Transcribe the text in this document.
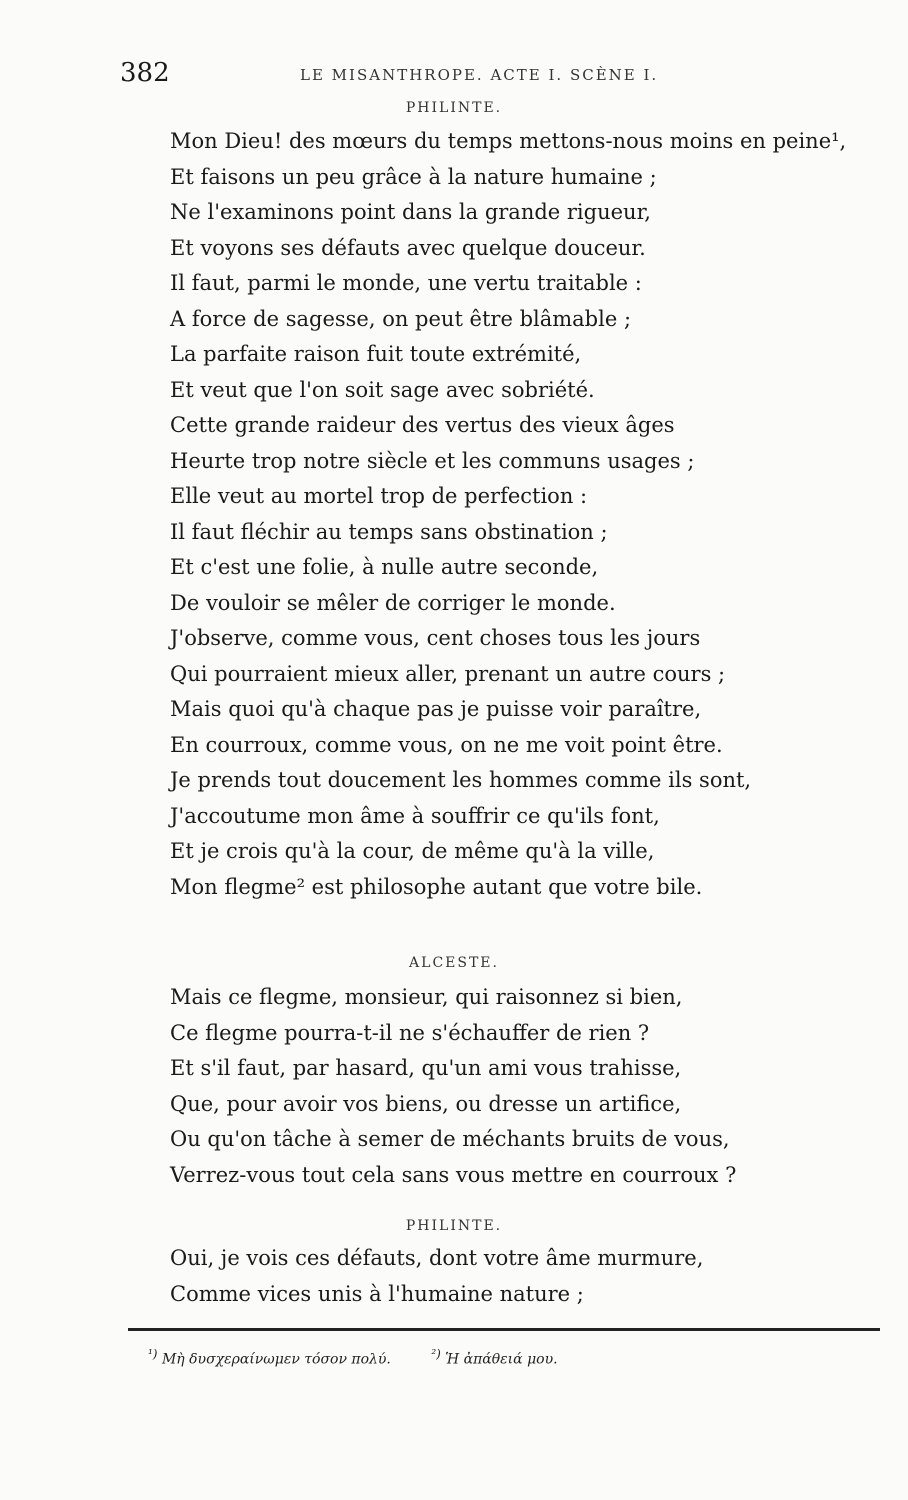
382	LE MISANTHROPE. ACTE I. SCÈNE I.
PHILINTE.
Mon Dieu! des mœurs du temps mettons-nous moins en peine¹,
Et faisons un peu grâce à la nature humaine ;
Ne l'examinons point dans la grande rigueur,
Et voyons ses défauts avec quelque douceur.
Il faut, parmi le monde, une vertu traitable :
A force de sagesse, on peut être blâmable ;
La parfaite raison fuit toute extrémité,
Et veut que l'on soit sage avec sobriété.
Cette grande raideur des vertus des vieux âges
Heurte trop notre siècle et les communs usages ;
Elle veut au mortel trop de perfection :
Il faut fléchir au temps sans obstination ;
Et c'est une folie, à nulle autre seconde,
De vouloir se mêler de corriger le monde.
J'observe, comme vous, cent choses tous les jours
Qui pourraient mieux aller, prenant un autre cours ;
Mais quoi qu'à chaque pas je puisse voir paraître,
En courroux, comme vous, on ne me voit point être.
Je prends tout doucement les hommes comme ils sont,
J'accoutume mon âme à souffrir ce qu'ils font,
Et je crois qu'à la cour, de même qu'à la ville,
Mon flegme² est philosophe autant que votre bile.
ALCESTE.
Mais ce flegme, monsieur, qui raisonnez si bien,
Ce flegme pourra-t-il ne s'échauffer de rien ?
Et s'il faut, par hasard, qu'un ami vous trahisse,
Que, pour avoir vos biens, ou dresse un artifice,
Ou qu'on tâche à semer de méchants bruits de vous,
Verrez-vous tout cela sans vous mettre en courroux ?
PHILINTE.
Oui, je vois ces défauts, dont votre âme murmure,
Comme vices unis à l'humaine nature ;
$^{^1)}$ Μὴ δυσχεραίνωμεν τόσον πολύ.	$^{^2)}$ Ἡ ἀπάθειά μου.
